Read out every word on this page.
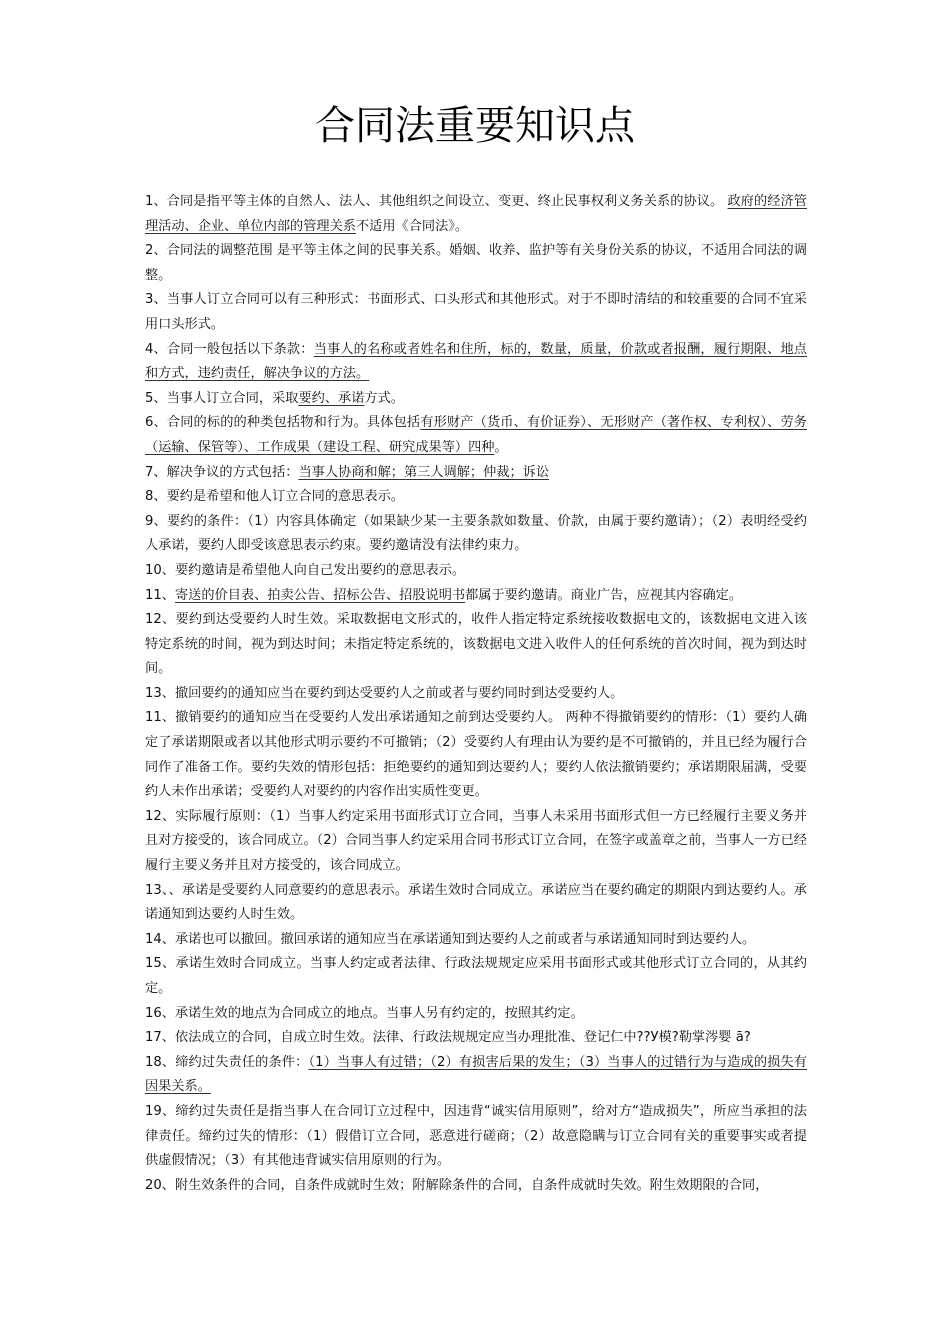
合同法重要知识点

1、合同是指平等主体的自然人、法人、其他组织之间设立、变更、终止民事权利义务关系的协议。 政府的经济管理活动、企业、单位内部的管理关系不适用《合同法》。

2、合同法的调整范围 是平等主体之间的民事关系。婚姻、收养、监护等有关身份关系的协议，不适用合同法的调整。

3、当事人订立合同可以有三种形式：书面形式、口头形式和其他形式。对于不即时清结的和较重要的合同不宜采用口头形式。

4、合同一般包括以下条款：当事人的名称或者姓名和住所，标的，数量，质量，价款或者报酬，履行期限、地点和方式，违约责任，解决争议的方法。

5、当事人订立合同，采取要约、承诺方式。

6、合同的标的的种类包括物和行为。具体包括有形财产（货币、有价证券）、无形财产（著作权、专利权）、劳务（运输、保管等）、工作成果（建设工程、研究成果等）四种。

7、解决争议的方式包括：当事人协商和解；第三人调解；仲裁；诉讼

8、要约是希望和他人订立合同的意思表示。

9、要约的条件：（1）内容具体确定（如果缺少某一主要条款如数量、价款，由属于要约邀请）；（2）表明经受约人承诺，要约人即受该意思表示约束。要约邀请没有法律约束力。

10、要约邀请是希望他人向自己发出要约的意思表示。

11、寄送的价目表、拍卖公告、招标公告、招股说明书都属于要约邀请。商业广告，应视其内容确定。

12、要约到达受要约人时生效。采取数据电文形式的，收件人指定特定系统接收数据电文的，该数据电文进入该特定系统的时间，视为到达时间；未指定特定系统的，该数据电文进入收件人的任何系统的首次时间，视为到达时间。

13、撤回要约的通知应当在要约到达受要约人之前或者与要约同时到达受要约人。

11、撤销要约的通知应当在受要约人发出承诺通知之前到达受要约人。 两种不得撤销要约的情形：（1）要约人确定了承诺期限或者以其他形式明示要约不可撤销；（2）受要约人有理由认为要约是不可撤销的，并且已经为履行合同作了准备工作。要约失效的情形包括：拒绝要约的通知到达要约人；要约人依法撤销要约；承诺期限届满，受要约人未作出承诺；受要约人对要约的内容作出实质性变更。

12、实际履行原则：（1）当事人约定采用书面形式订立合同，当事人未采用书面形式但一方已经履行主要义务并且对方接受的，该合同成立。（2）合同当事人约定采用合同书形式订立合同，在签字或盖章之前，当事人一方已经履行主要义务并且对方接受的，该合同成立。

13、、承诺是受要约人同意要约的意思表示。承诺生效时合同成立。承诺应当在要约确定的期限内到达要约人。承诺通知到达要约人时生效。

14、承诺也可以撤回。撤回承诺的通知应当在承诺通知到达要约人之前或者与承诺通知同时到达要约人。

15、承诺生效时合同成立。当事人约定或者法律、行政法规规定应采用书面形式或其他形式订立合同的，从其约定。

16、承诺生效的地点为合同成立的地点。当事人另有约定的，按照其约定。

17、依法成立的合同，自成立时生效。法律、行政法规规定应当办理批准、登记仁中??У模?勒掌涔婴 ā?

18、缔约过失责任的条件：（1）当事人有过错；（2）有损害后果的发生；（3）当事人的过错行为与造成的损失有因果关系。

19、缔约过失责任是指当事人在合同订立过程中，因违背“诚实信用原则”，给对方“造成损失”，所应当承担的法律责任。缔约过失的情形：（1）假借订立合同，恶意进行磋商；（2）故意隐瞒与订立合同有关的重要事实或者提供虚假情况；（3）有其他违背诚实信用原则的行为。

20、附生效条件的合同，自条件成就时生效；附解除条件的合同，自条件成就时失效。附生效期限的合同，
